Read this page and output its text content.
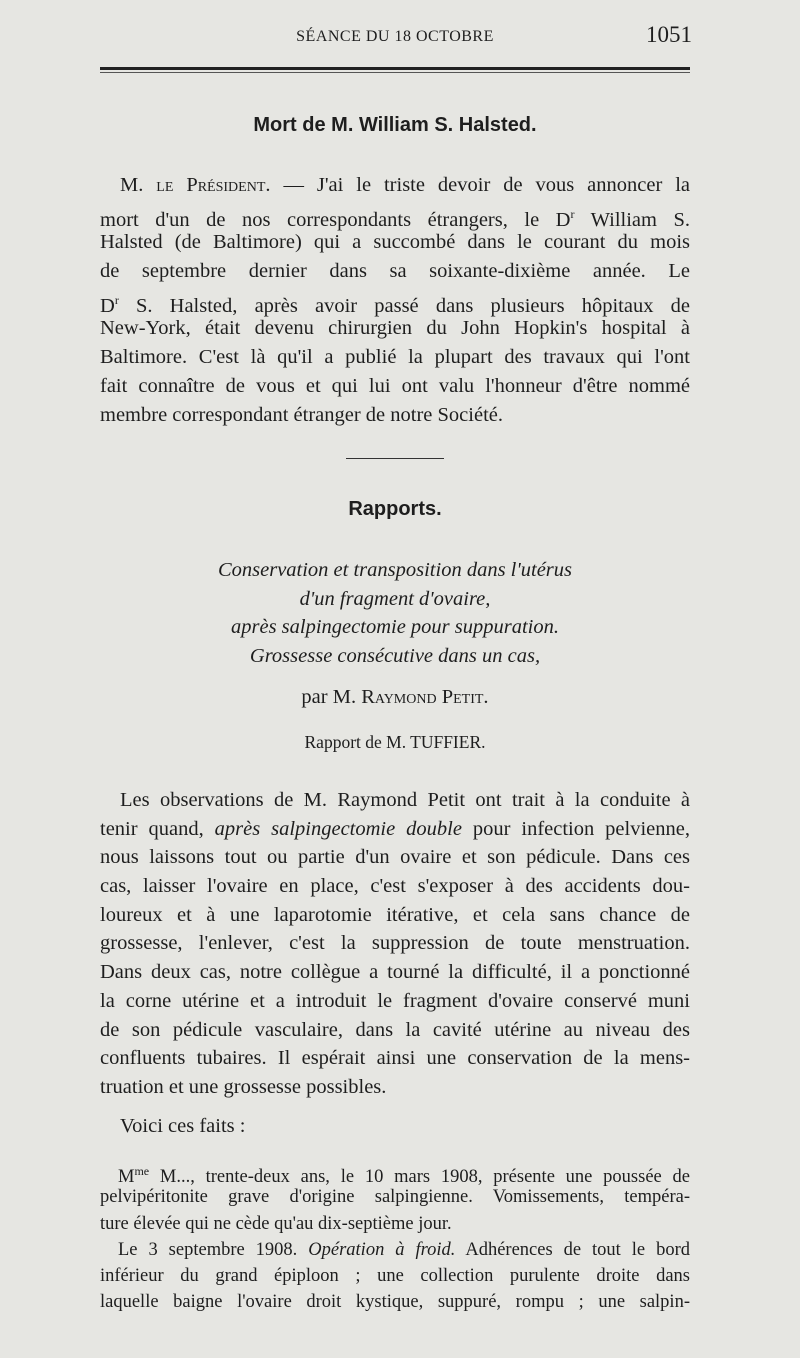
SÉANCE DU 18 OCTOBRE	1051
Mort de M. William S. Halsted.
M. le Président. — J'ai le triste devoir de vous annoncer la
mort d'un de nos correspondants étrangers, le $D^r$ William S.
Halsted (de Baltimore) qui a succombé dans le courant du mois
de septembre dernier dans sa soixante-dixième année. Le
$D^r$ S. Halsted, après avoir passé dans plusieurs hôpitaux de
New-York, était devenu chirurgien du John Hopkin's hospital à
Baltimore. C'est là qu'il a publié la plupart des travaux qui l'ont
fait connaître de vous et qui lui ont valu l'honneur d'être nommé
membre correspondant étranger de notre Société.
Rapports.
Conservation et transposition dans l'utérus
d'un fragment d'ovaire,
après salpingectomie pour suppuration.
Grossesse consécutive dans un cas,
par M. Raymond Petit.
Rapport de M. TUFFIER.
Les observations de M. Raymond Petit ont trait à la conduite à
tenir quand, après salpingectomie double pour infection pelvienne,
nous laissons tout ou partie d'un ovaire et son pédicule. Dans ces
cas, laisser l'ovaire en place, c'est s'exposer à des accidents dou-
loureux et à une laparotomie itérative, et cela sans chance de
grossesse, l'enlever, c'est la suppression de toute menstruation.
Dans deux cas, notre collègue a tourné la difficulté, il a ponctionné
la corne utérine et a introduit le fragment d'ovaire conservé muni
de son pédicule vasculaire, dans la cavité utérine au niveau des
confluents tubaires. Il espérait ainsi une conservation de la mens-
truation et une grossesse possibles.
Voici ces faits :
$M^{me}$ M..., trente-deux ans, le 10 mars 1908, présente une poussée de
pelvipéritonite grave d'origine salpingienne. Vomissements, tempéra-
ture élevée qui ne cède qu'au dix-septième jour.
Le 3 septembre 1908. Opération à froid. Adhérences de tout le bord
inférieur du grand épiploon ; une collection purulente droite dans
laquelle baigne l'ovaire droit kystique, suppuré, rompu ; une salpin-
